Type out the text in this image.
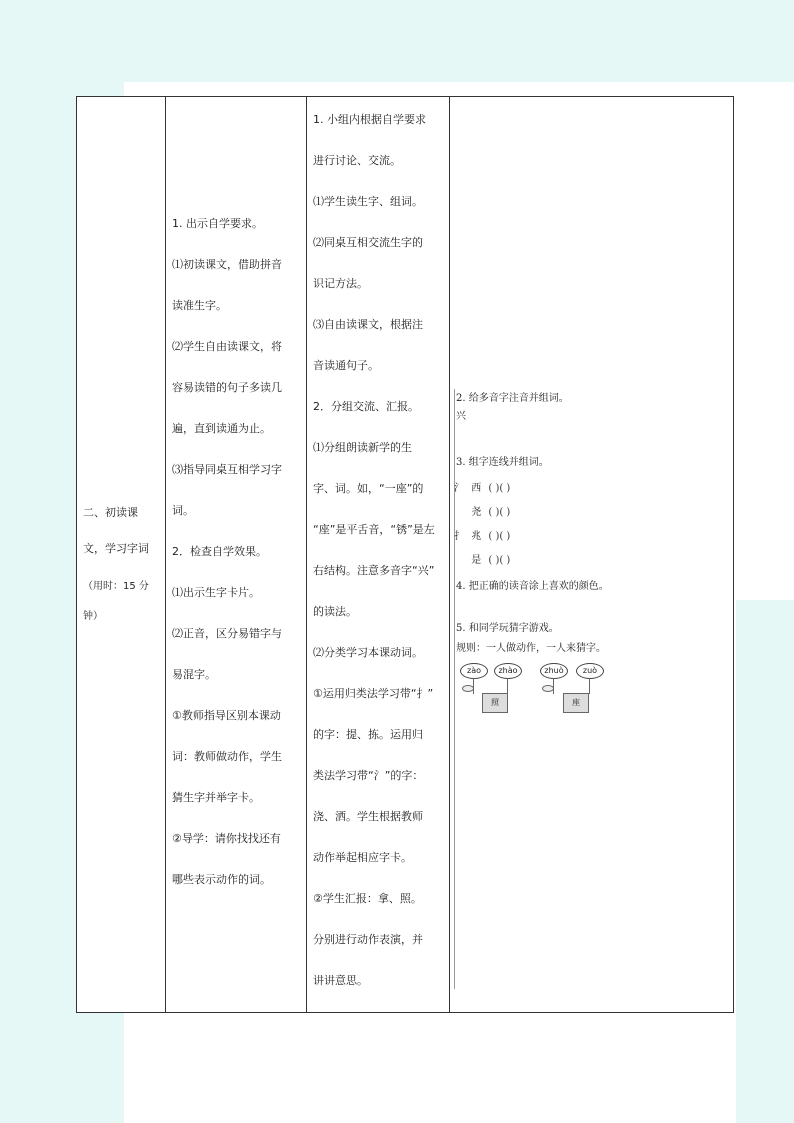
二、初读课

文，学习字词

（用时：15 分

钟）

1. 出示自学要求。

⑴初读课文，借助拼音

读准生字。

⑵学生自由读课文，将

容易读错的句子多读几

遍，直到读通为止。

⑶指导同桌互相学习字

词。

2．检查自学效果。

⑴出示生字卡片。

⑵正音，区分易错字与

易混字。

①教师指导区别本课动

词：教师做动作，学生

猜生字并举字卡。

②导学：请你找找还有

哪些表示动作的词。

1. 小组内根据自学要求

进行讨论、交流。

⑴学生读生字、组词。

⑵同桌互相交流生字的

识记方法。

⑶自由读课文，根据注

音读通句子。

2．分组交流、汇报。

⑴分组朗读新学的生

字、词。如，“一座”的

“座”是平舌音，“锈”是左

右结构。注意多音字“兴”

的读法。

⑵分类学习本课动词。

①运用归类法学习带“扌”

的字：提、拣。运用归

类法学习带“氵”的字：

浇、洒。学生根据教师

动作举起相应字卡。

②学生汇报：拿、照。

分别进行动作表演，并

讲讲意思。

2. 给多音字注音并组词。
兴
3. 组字连线并组词。
氵 西 ( )( )
尧 ( )( )
扌 兆 ( )( )
是 ( )( )
4. 把正确的读音涂上喜欢的颜色。
5. 和同学玩猜字游戏。
规则：一人做动作，一人来猜字。
zào	zhào
照
zhuò	zuò
座
